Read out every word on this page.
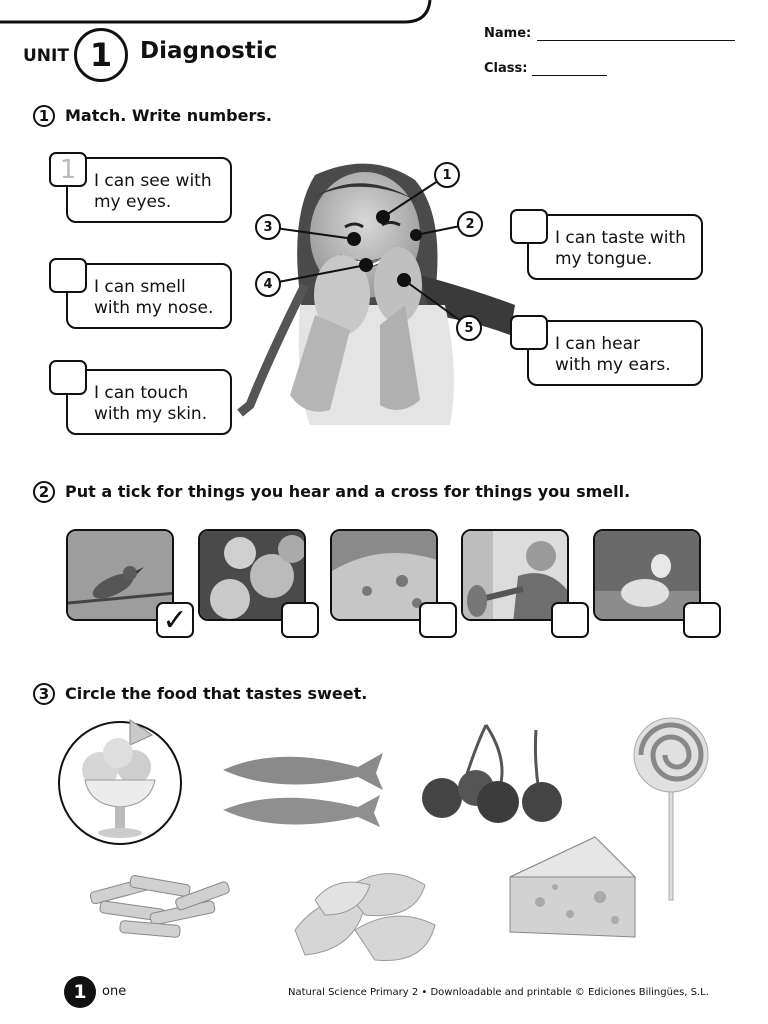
UNIT 1	Diagnostic
Name:
Class:
1 Match. Write numbers.
1
2
3
4
5
I can see with
my eyes.
1
I can smell
with my nose.
I can touch
with my skin.
I can taste with
my tongue.
I can hear
with my ears.
2 Put a tick for things you hear and a cross for things you smell.
✓
3 Circle the food that tastes sweet.
1	one	Natural Science Primary 2 • Downloadable and printable © Ediciones Bilingües, S.L.
